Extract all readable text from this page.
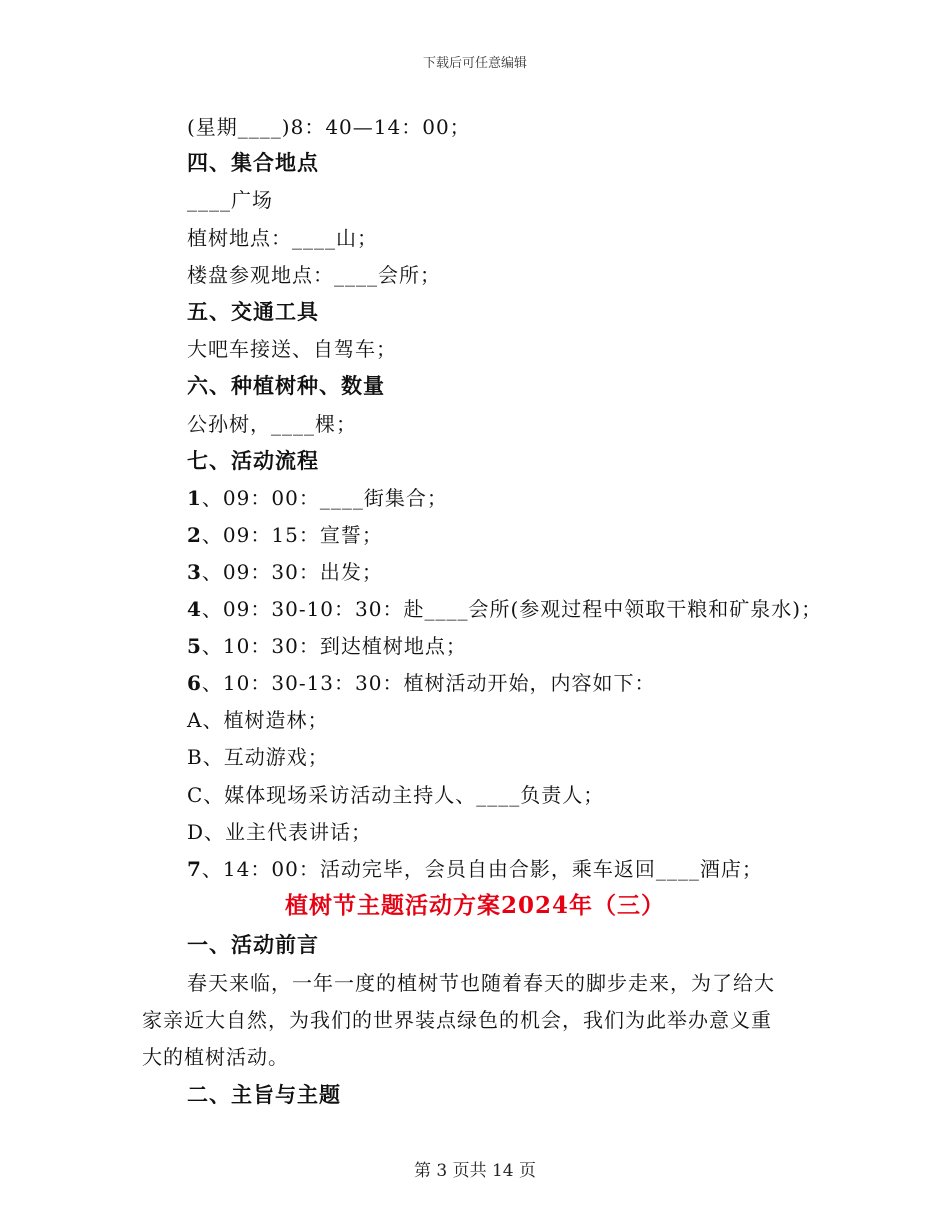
下载后可任意编辑
(星期____)8：40—14：00；
四、集合地点
____广场
植树地点：____山；
楼盘参观地点：____会所；
五、交通工具
大吧车接送、自驾车；
六、种植树种、数量
公孙树，____棵；
七、活动流程
1、09：00：____街集合；
2、09：15：宣誓；
3、09：30：出发；
4、09：30-10：30：赴____会所(参观过程中领取干粮和矿泉水)；
5、10：30：到达植树地点；
6、10：30-13：30：植树活动开始，内容如下：
A、植树造林；
B、互动游戏；
C、媒体现场采访活动主持人、____负责人；
D、业主代表讲话；
7、14：00：活动完毕，会员自由合影，乘车返回____酒店；
植树节主题活动方案2024年（三）
一、活动前言
春天来临，一年一度的植树节也随着春天的脚步走来，为了给大
家亲近大自然，为我们的世界装点绿色的机会，我们为此举办意义重
大的植树活动。
二、主旨与主题
第 3 页共 14 页
